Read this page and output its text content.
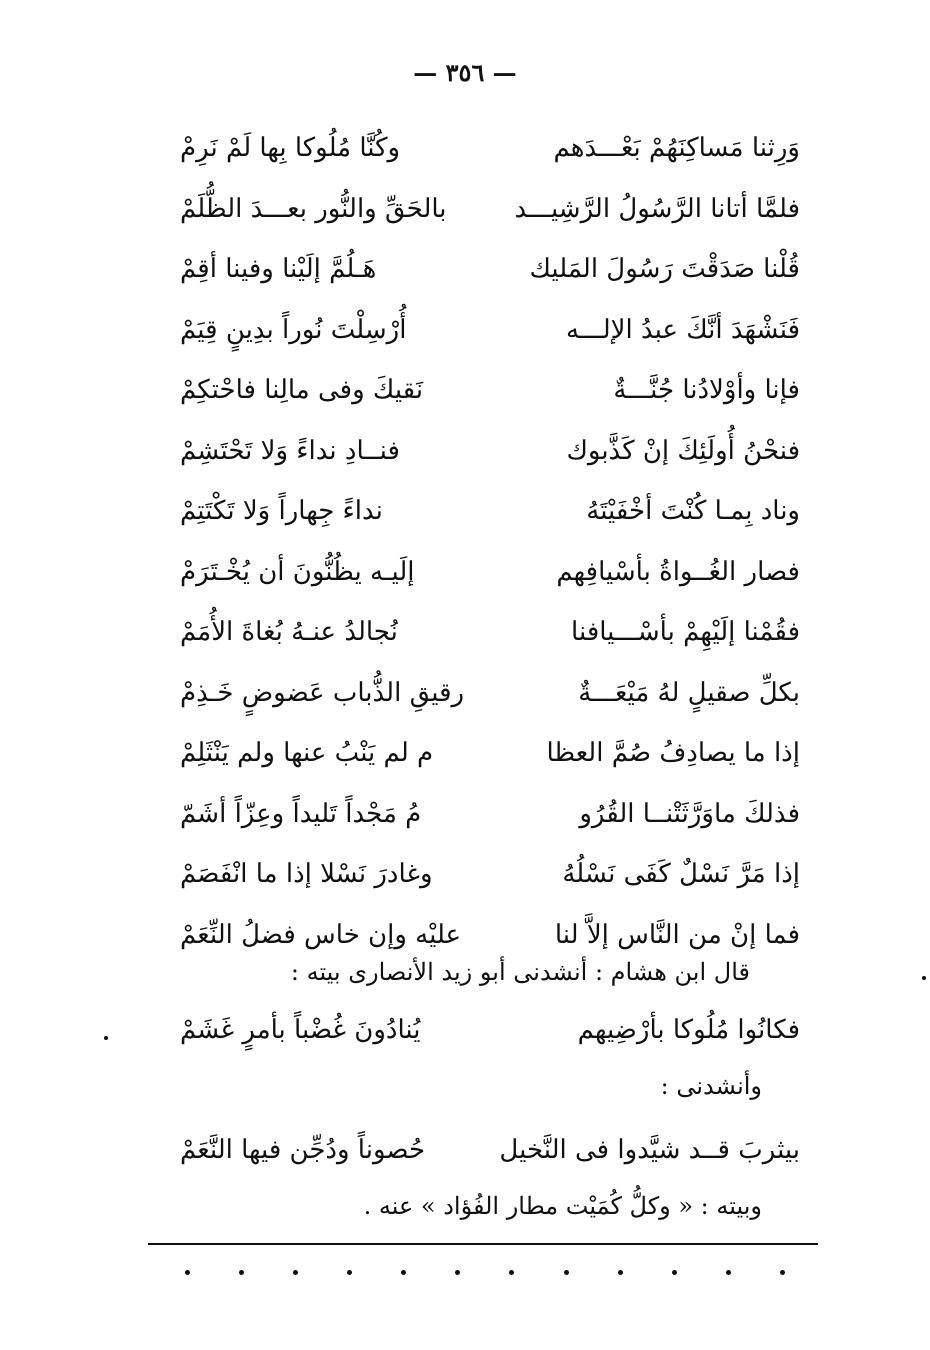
— ٣٥٦ —
وَرِثنا مَساكِنَهُمْ بَعْـــدَهم
وكُنَّا مُلُوكا بِها لَمْ نَرِمْ
فلمَّا أتانا الرَّسُولُ الرَّشِيـــد
بالحَقِّ والنُّور بعـــدَ الظُّلَمْ
قُلْنا صَدَقْتَ رَسُولَ المَليك
هَـلُمَّ إلَيْنا وفينا أقِمْ
فَنَشْهَدَ أنَّكَ عبدُ الإلـــه
أُرْسِلْتَ نُوراً بدِينٍ قِيَمْ
فإنا وأوْلادُنا جُنَّـــةٌ
نَقيكَ وفى مالِنا فاحْتكِمْ
فنحْنُ أُولَئِكَ إنْ كَذَّبوك
فنــادِ نداءً وَلا تَحْتَشِمْ
وناد بِمـا كُنْتَ أخْفَيْتَهُ
نداءً جِهاراً وَلا تَكْتَتِمْ
فصار الغُــواةُ بأسْيافِهم
إلَيـه يظُنُّونَ أن يُخْـتَرَمْ
فقُمْنا إلَيْهِمْ بأسْـــيافنا
نُجالدُ عنـهُ بُغاةَ الأُمَمْ
بكلِّ صقيلٍ لهُ مَيْعَـــةٌ
رقيقِ الذُّباب عَضوضٍ خَـذِمْ
إذا ما يصادِفُ صُمَّ العظا
م لم يَنْبُ عنها ولم يَنْثَلِمْ
فذلكَ ماوَرَّثَتْنــا القُرُو
مُ مَجْداً تَليداً وعِزّاً أشَمّ
إذا مَرَّ نَسْلٌ كَفَى نَسْلُهُ
وغادرَ نَسْلا إذا ما انْفَصَمْ
فما إنْ من النَّاس إلاَّ لنا
عليْه وإن خاس فضلُ النِّعَمْ
قال ابن هشام : أنشدنى أبو زيد الأنصارى بيته :
فكانُوا مُلُوكا بأرْضِيهم
يُنادُونَ غُضْباً بأمرٍ غَشَمْ
وأنشدنى :
بيثربَ قــد شيَّدوا فى النَّخيل
حُصوناً ودُجِّن فيها النَّعَمْ
وبيته : « وكلُّ كُمَيْت مطار الفُؤاد » عنه .
